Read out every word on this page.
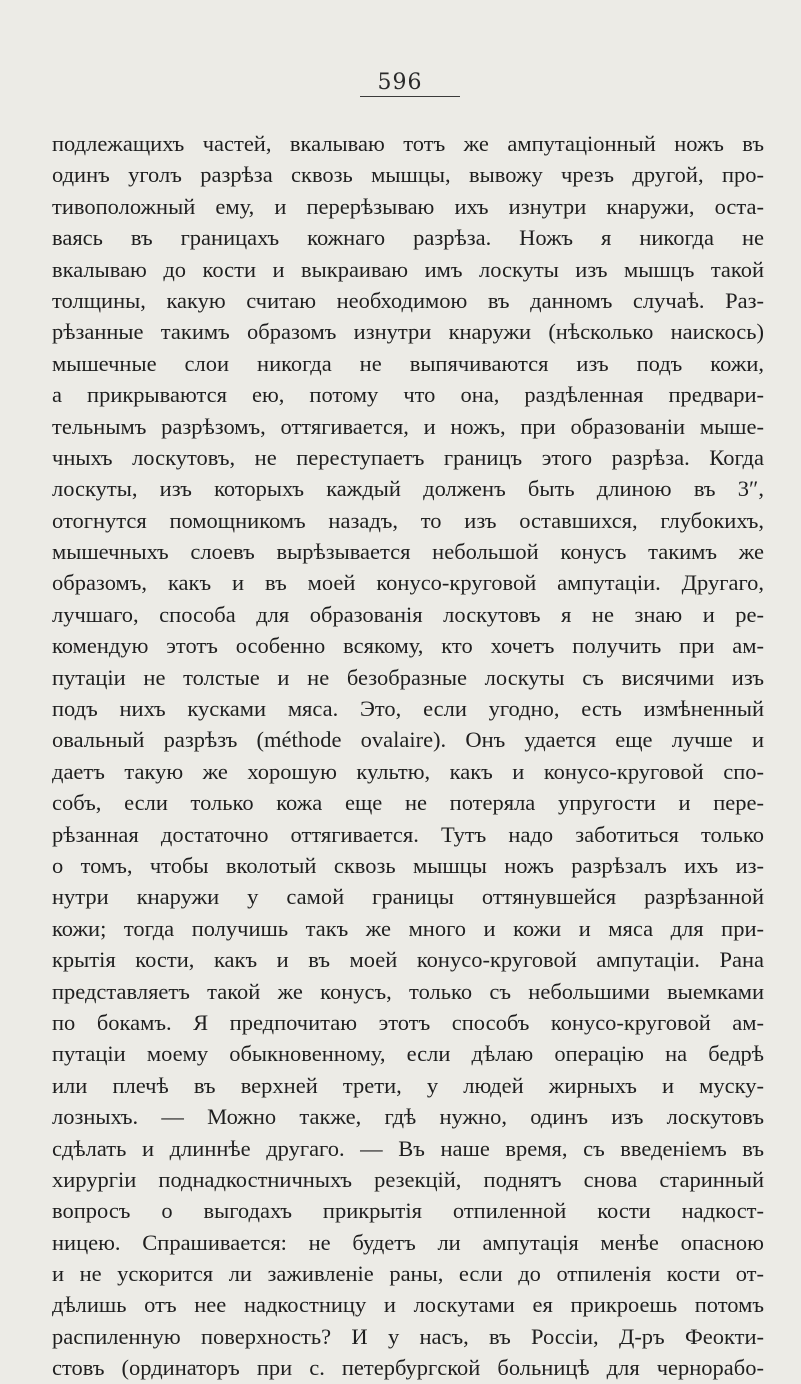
596
подлежащихъ частей, вкалываю тотъ же ампутаціонный ножъ въ
одинъ уголъ разрѣза сквозь мышцы, вывожу чрезъ другой, про-
тивоположный ему, и перерѣзываю ихъ изнутри кнаружи, оста-
ваясь въ границахъ кожнаго разрѣза. Ножъ я никогда не
вкалываю до кости и выкраиваю имъ лоскуты изъ мышцъ такой
толщины, какую считаю необходимою въ данномъ случаѣ. Раз-
рѣзанные такимъ образомъ изнутри кнаружи (нѣсколько наискось)
мышечные слои никогда не выпячиваются изъ подъ кожи,
а прикрываются ею, потому что она, раздѣленная предвари-
тельнымъ разрѣзомъ, оттягивается, и ножъ, при образованіи мыше-
чныхъ лоскутовъ, не переступаетъ границъ этого разрѣза. Когда
лоскуты, изъ которыхъ каждый долженъ быть длиною въ 3″,
отогнутся помощникомъ назадъ, то изъ оставшихся, глубокихъ,
мышечныхъ слоевъ вырѣзывается небольшой конусъ такимъ же
образомъ, какъ и въ моей конусо-круговой ампутаціи. Другаго,
лучшаго, способа для образованія лоскутовъ я не знаю и ре-
комендую этотъ особенно всякому, кто хочетъ получить при ам-
путаціи не толстые и не безобразные лоскуты съ висячими изъ
подъ нихъ кусками мяса. Это, если угодно, есть измѣненный
овальный разрѣзъ (méthode ovalaire). Онъ удается еще лучше и
даетъ такую же хорошую культю, какъ и конусо-круговой спо-
собъ, если только кожа еще не потеряла упругости и пере-
рѣзанная достаточно оттягивается. Тутъ надо заботиться только
о томъ, чтобы вколотый сквозь мышцы ножъ разрѣзалъ ихъ из-
нутри кнаружи у самой границы оттянувшейся разрѣзанной
кожи; тогда получишь такъ же много и кожи и мяса для при-
крытія кости, какъ и въ моей конусо-круговой ампутаціи. Рана
представляетъ такой же конусъ, только съ небольшими выемками
по бокамъ. Я предпочитаю этотъ способъ конусо-круговой ам-
путаціи моему обыкновенному, если дѣлаю операцію на бедрѣ
или плечѣ въ верхней трети, у людей жирныхъ и муску-
лозныхъ. — Можно также, гдѣ нужно, одинъ изъ лоскутовъ
сдѣлать и длиннѣе другаго. — Въ наше время, съ введеніемъ въ
хирургіи поднадкостничныхъ резекцій, поднятъ снова старинный
вопросъ о выгодахъ прикрытія отпиленной кости надкост-
ницею. Спрашивается: не будетъ ли ампутація менѣе опасною
и не ускорится ли заживленіе раны, если до отпиленія кости от-
дѣлишь отъ нее надкостницу и лоскутами ея прикроешь потомъ
распиленную поверхность? И у насъ, въ Россіи, Д-ръ Феокти-
стовъ (ординаторъ при с. петербургской больницѣ для чернорабо-
